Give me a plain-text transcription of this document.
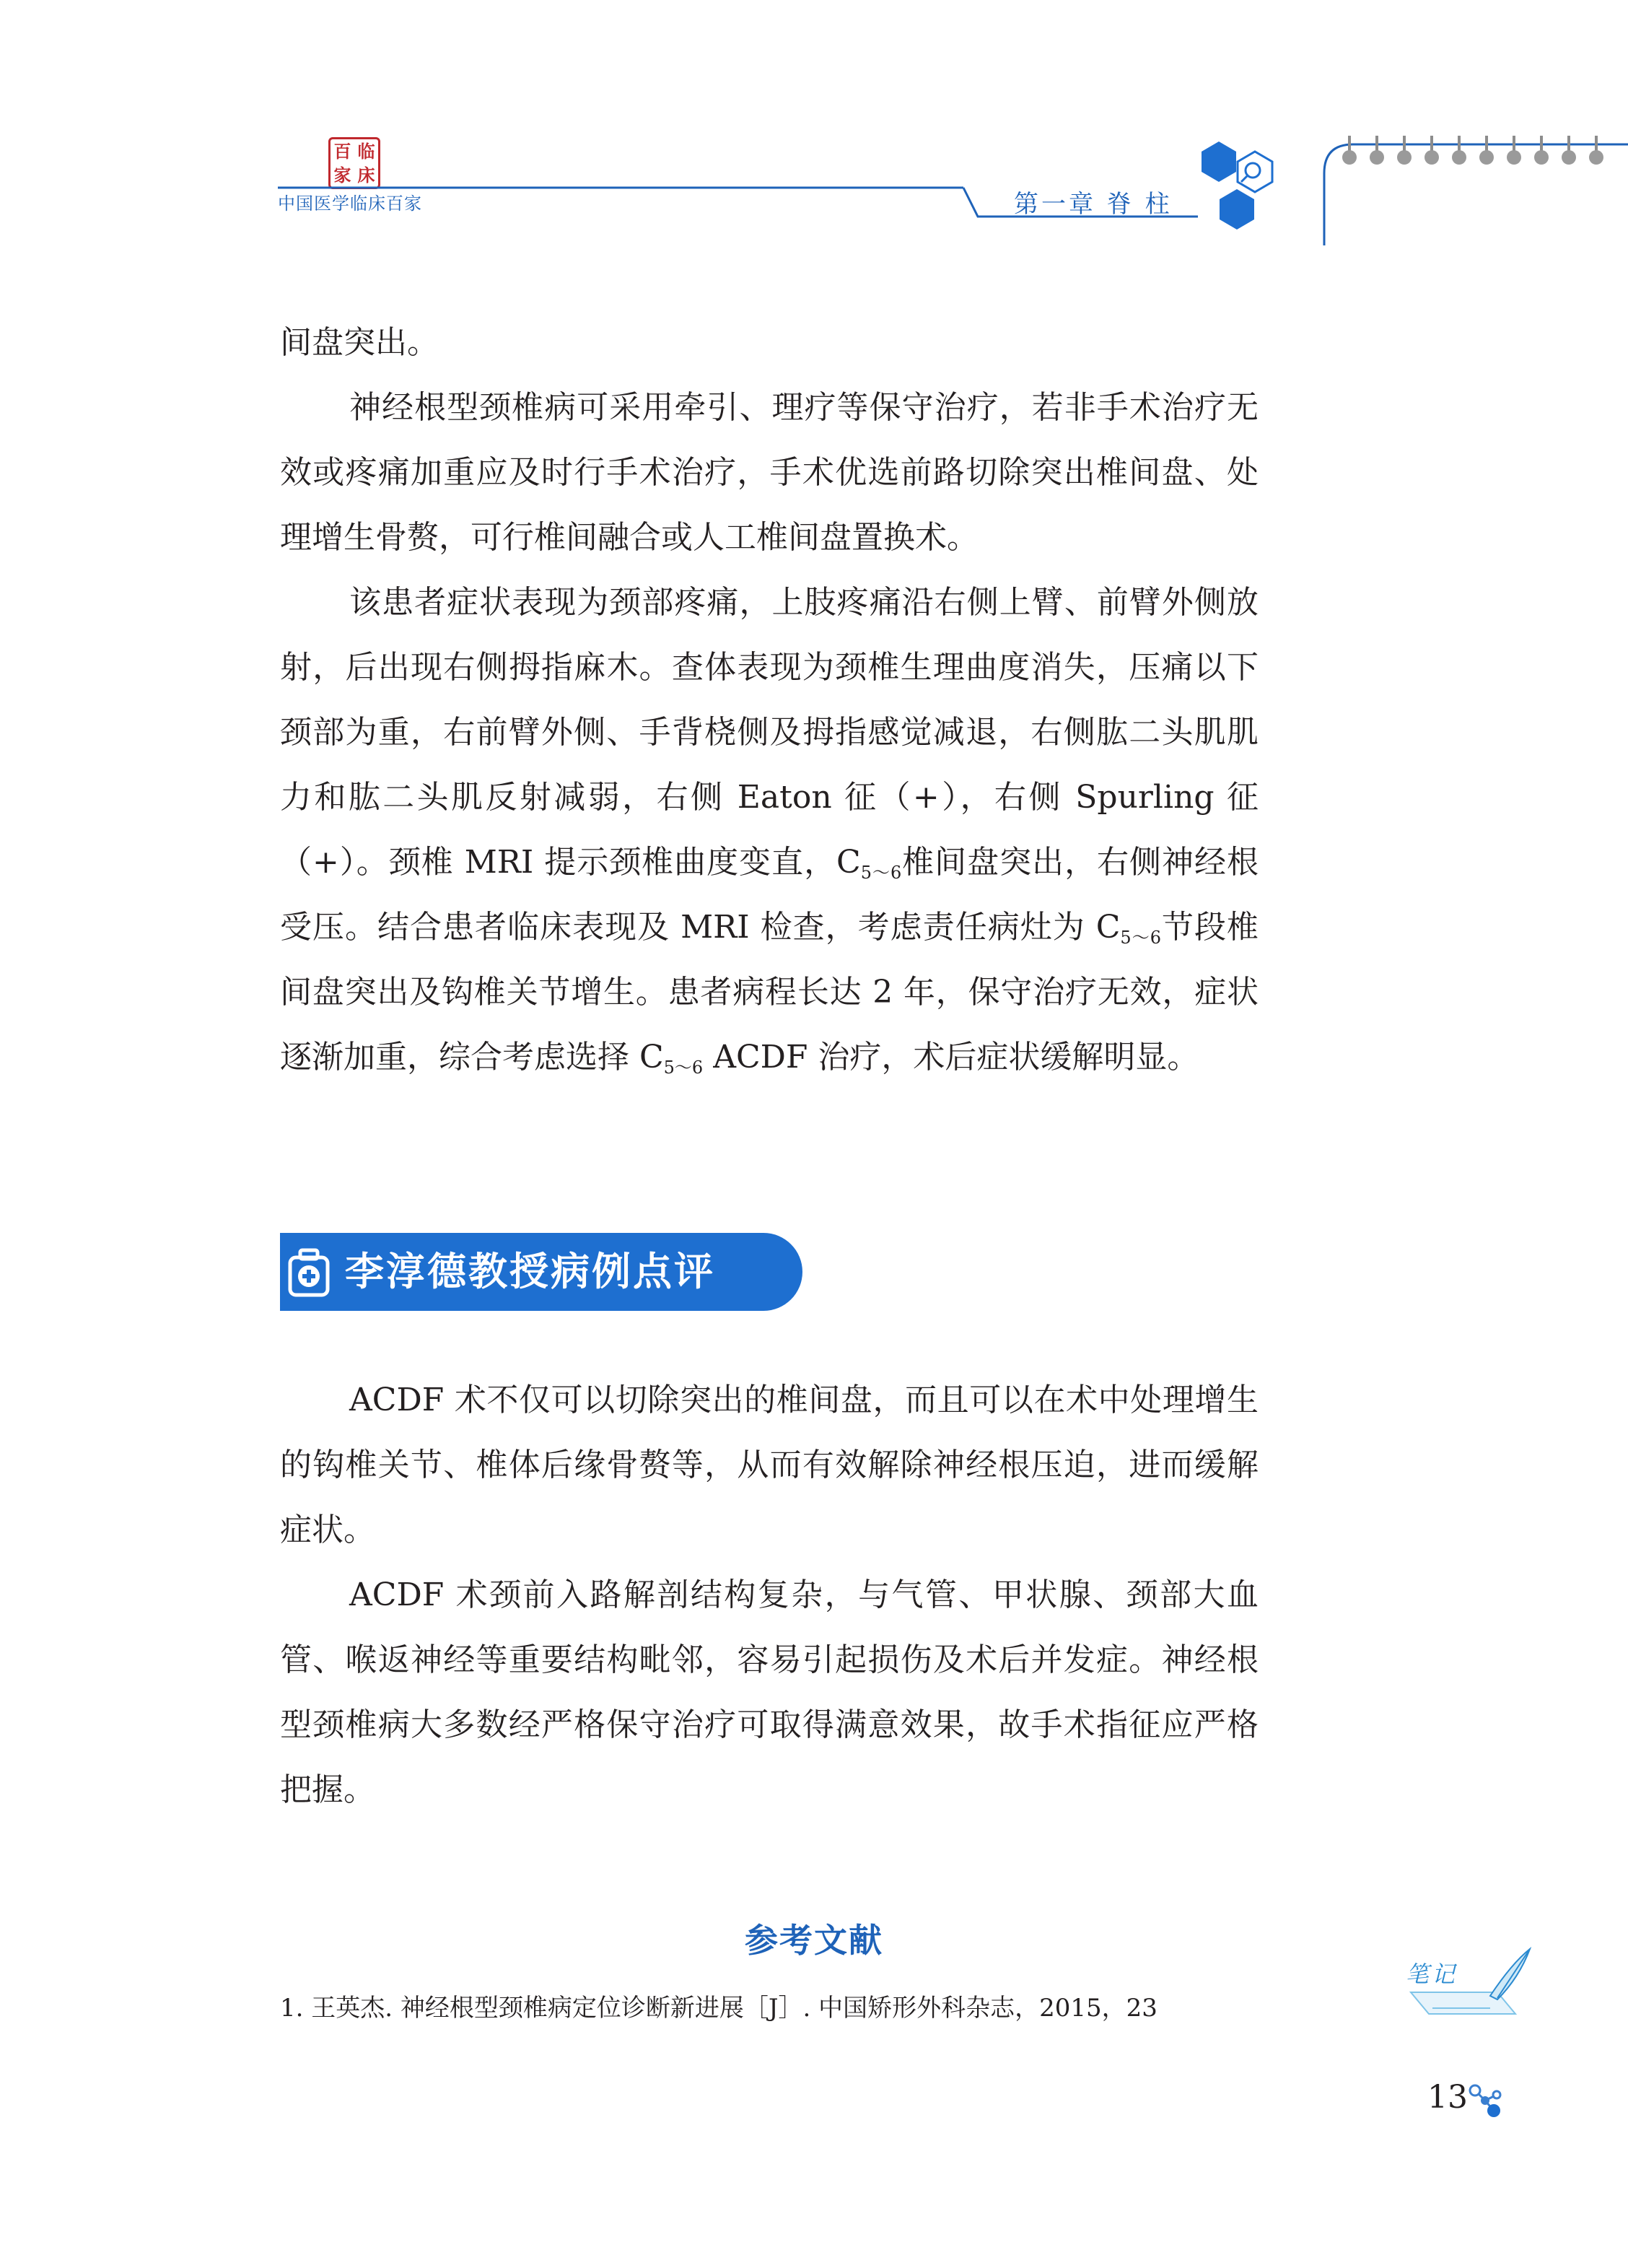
百 临
家 床
中国医学临床百家	第一章 脊 柱

间盘突出。

神经根型颈椎病可采用牵引、理疗等保守治疗，若非手术治疗无效或疼痛加重应及时行手术治疗，手术优选前路切除突出椎间盘、处理增生骨赘，可行椎间融合或人工椎间盘置换术。

该患者症状表现为颈部疼痛，上肢疼痛沿右侧上臂、前臂外侧放射，后出现右侧拇指麻木。查体表现为颈椎生理曲度消失，压痛以下颈部为重，右前臂外侧、手背桡侧及拇指感觉减退，右侧肱二头肌肌力和肱二头肌反射减弱，右侧 Eaton 征（+），右侧 Spurling 征（+）。颈椎 MRI 提示颈椎曲度变直，$C_{5\sim 6}$椎间盘突出，右侧神经根受压。结合患者临床表现及 MRI 检查，考虑责任病灶为 $C_{5\sim 6}$节段椎间盘突出及钩椎关节增生。患者病程长达 2 年，保守治疗无效，症状逐渐加重，综合考虑选择 $C_{5\sim 6}$ ACDF 治疗，术后症状缓解明显。

李淳德教授病例点评

ACDF 术不仅可以切除突出的椎间盘，而且可以在术中处理增生的钩椎关节、椎体后缘骨赘等，从而有效解除神经根压迫，进而缓解症状。

ACDF 术颈前入路解剖结构复杂，与气管、甲状腺、颈部大血管、喉返神经等重要结构毗邻，容易引起损伤及术后并发症。神经根型颈椎病大多数经严格保守治疗可取得满意效果，故手术指征应严格把握。

参考文献
1. 王英杰. 神经根型颈椎病定位诊断新进展［J］. 中国矫形外科杂志，2015，23
笔记
13
